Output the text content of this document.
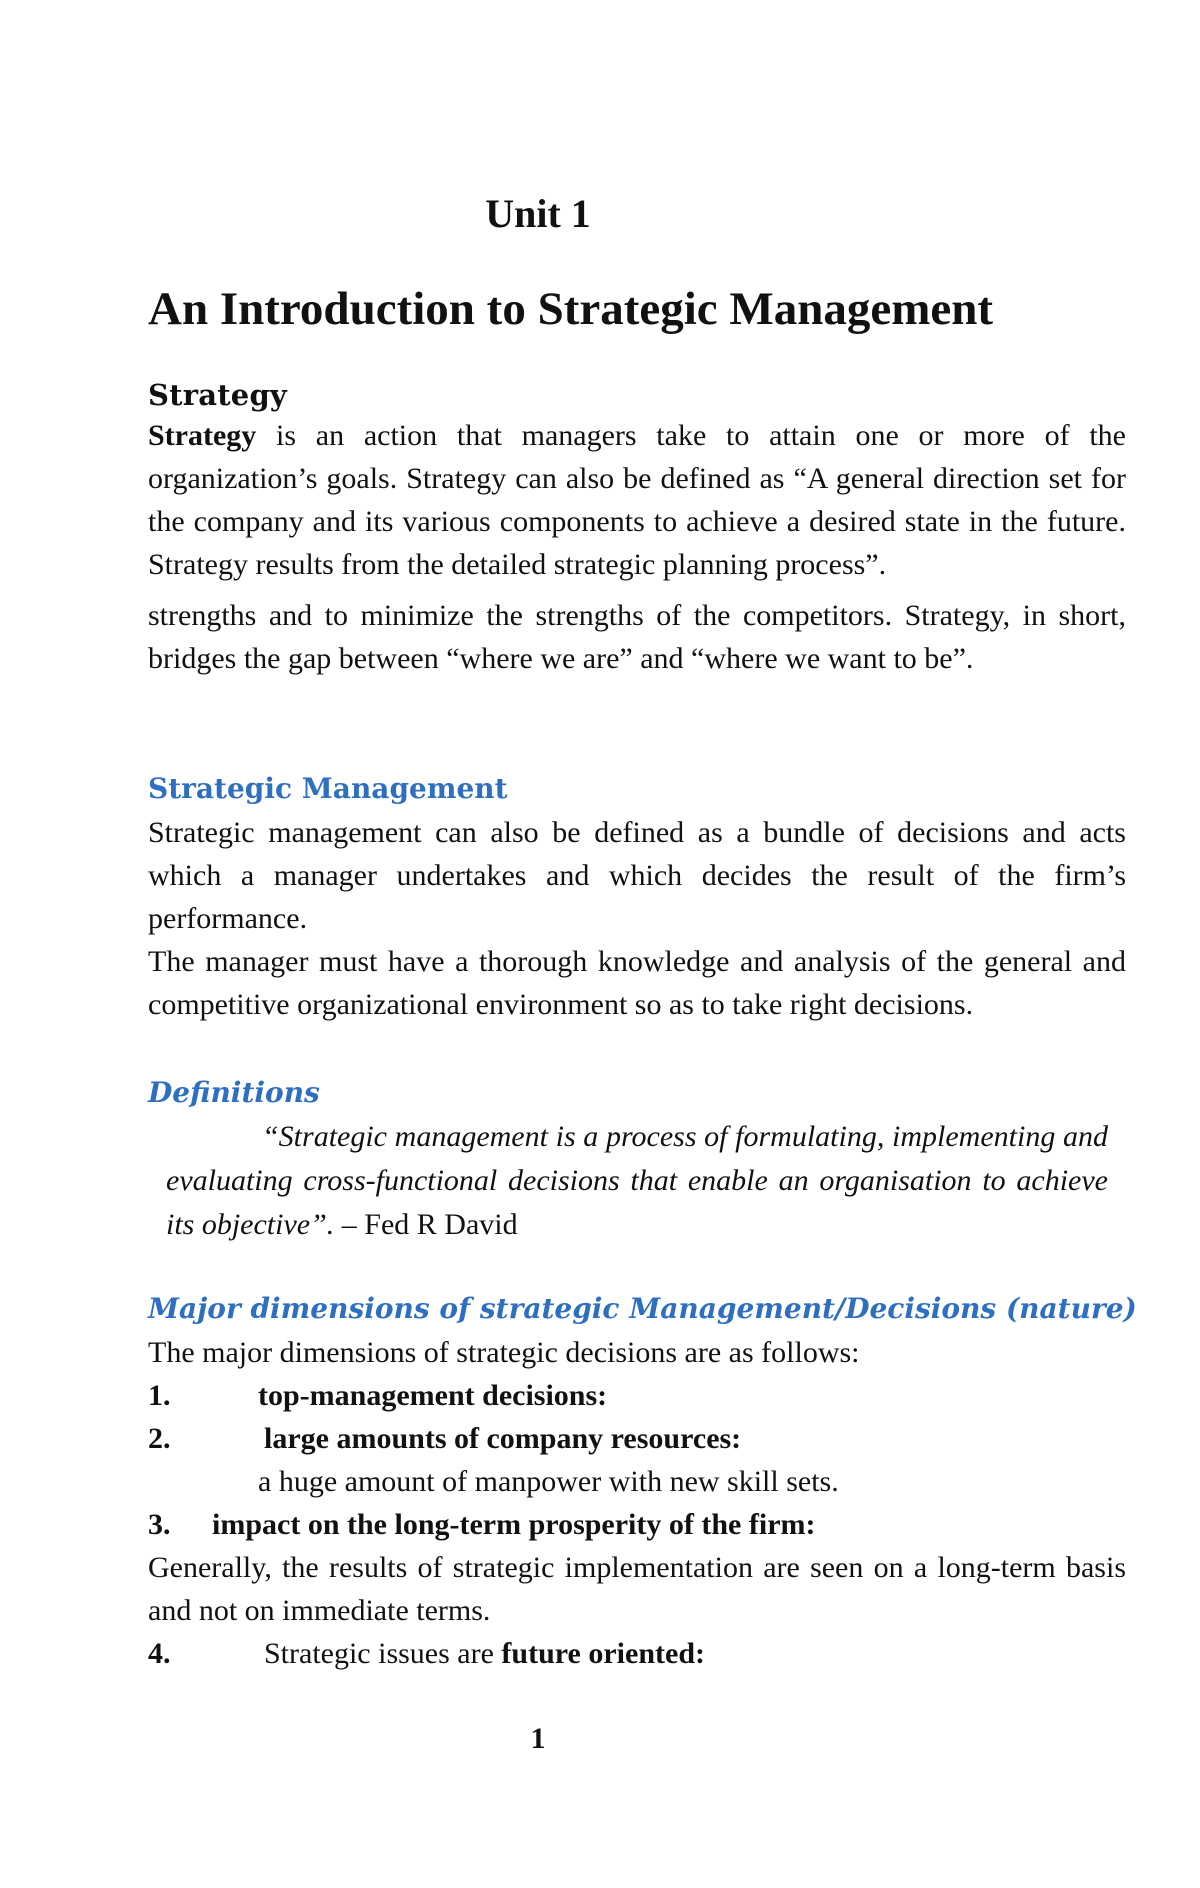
Unit 1
An Introduction to Strategic Management

Strategy

Strategy is an action that managers take to attain one or more of the organization’s goals. Strategy can also be defined as “A general direction set for the company and its various components to achieve a desired state in the future. Strategy results from the detailed strategic planning process”.

strengths and to minimize the strengths of the competitors. Strategy, in short, bridges the gap between “where we are” and “where we want to be”.

Strategic Management

Strategic management can also be defined as a bundle of decisions and acts which a manager undertakes and which decides the result of the firm’s performance.

The manager must have a thorough knowledge and analysis of the general and competitive organizational environment so as to take right decisions.

Definitions

“Strategic management is a process of formulating, implementing and evaluating cross-functional decisions that enable an organisation to achieve its objective”. – Fed R David

Major dimensions of strategic Management/Decisions (nature)

The major dimensions of strategic decisions are as follows:

1.	top-management decisions:

2.	large amounts of company resources:

a huge amount of manpower with new skill sets.

3. impact on the long-term prosperity of the firm:

Generally, the results of strategic implementation are seen on a long-term basis and not on immediate terms.

4.	Strategic issues are future oriented:

1
